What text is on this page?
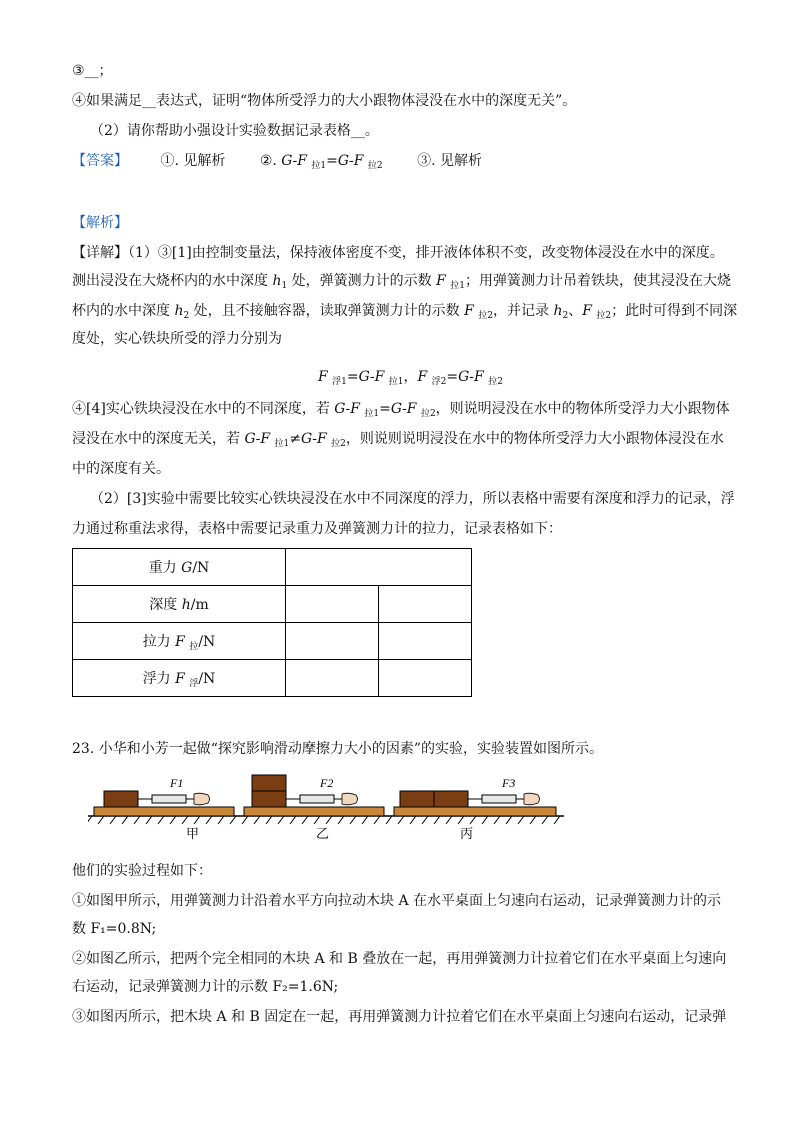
③__；
④如果满足__表达式，证明“物体所受浮力的大小跟物体浸没在水中的深度无关”。
（2）请你帮助小强设计实验数据记录表格__。
【答案】 ①. 见解析 ②. G-F $_{拉1}$=G-F $_{拉2}$ ③. 见解析
【解析】
【详解】（1）③[1]由控制变量法，保持液体密度不变，排开液体体积不变，改变物体浸没在水中的深度。
测出浸没在大烧杯内的水中深度 $h_1$ 处，弹簧测力计的示数 F $_{拉1}$；用弹簧测力计吊着铁块，使其浸没在大烧
杯内的水中深度 $h_2$ 处，且不接触容器，读取弹簧测力计的示数 F $_{拉2}$，并记录 $h_2$、F $_{拉2}$；此时可得到不同深
度处，实心铁块所受的浮力分别为
F $_{浮1}$=G-F $_{拉1}$，F $_{浮2}$=G-F $_{拉2}$
④[4]实心铁块浸没在水中的不同深度，若 G-F $_{拉1}$=G-F $_{拉2}$，则说明浸没在水中的物体所受浮力大小跟物体
浸没在水中的深度无关，若 G-F $_{拉1}$≠G-F $_{拉2}$，则说则说明浸没在水中的物体所受浮力大小跟物体浸没在水
中的深度有关。
（2）[3]实验中需要比较实心铁块浸没在水中不同深度的浮力，所以表格中需要有深度和浮力的记录，浮
力通过称重法求得，表格中需要记录重力及弹簧测力计的拉力，记录表格如下：
重力 G/N		
深度 h/m		
拉力 F $_拉$/N		
浮力 F $_浮$/N		
23. 小华和小芳一起做“探究影响滑动摩擦力大小的因素”的实验，实验装置如图所示。
F1	F2	F3
甲	乙	丙
他们的实验过程如下：
①如图甲所示，用弹簧测力计沿着水平方向拉动木块 A 在水平桌面上匀速向右运动，记录弹簧测力计的示
数 F₁=0.8N;
②如图乙所示，把两个完全相同的木块 A 和 B 叠放在一起，再用弹簧测力计拉着它们在水平桌面上匀速向
右运动，记录弹簧测力计的示数 F₂=1.6N;
③如图丙所示，把木块 A 和 B 固定在一起，再用弹簧测力计拉着它们在水平桌面上匀速向右运动，记录弹
